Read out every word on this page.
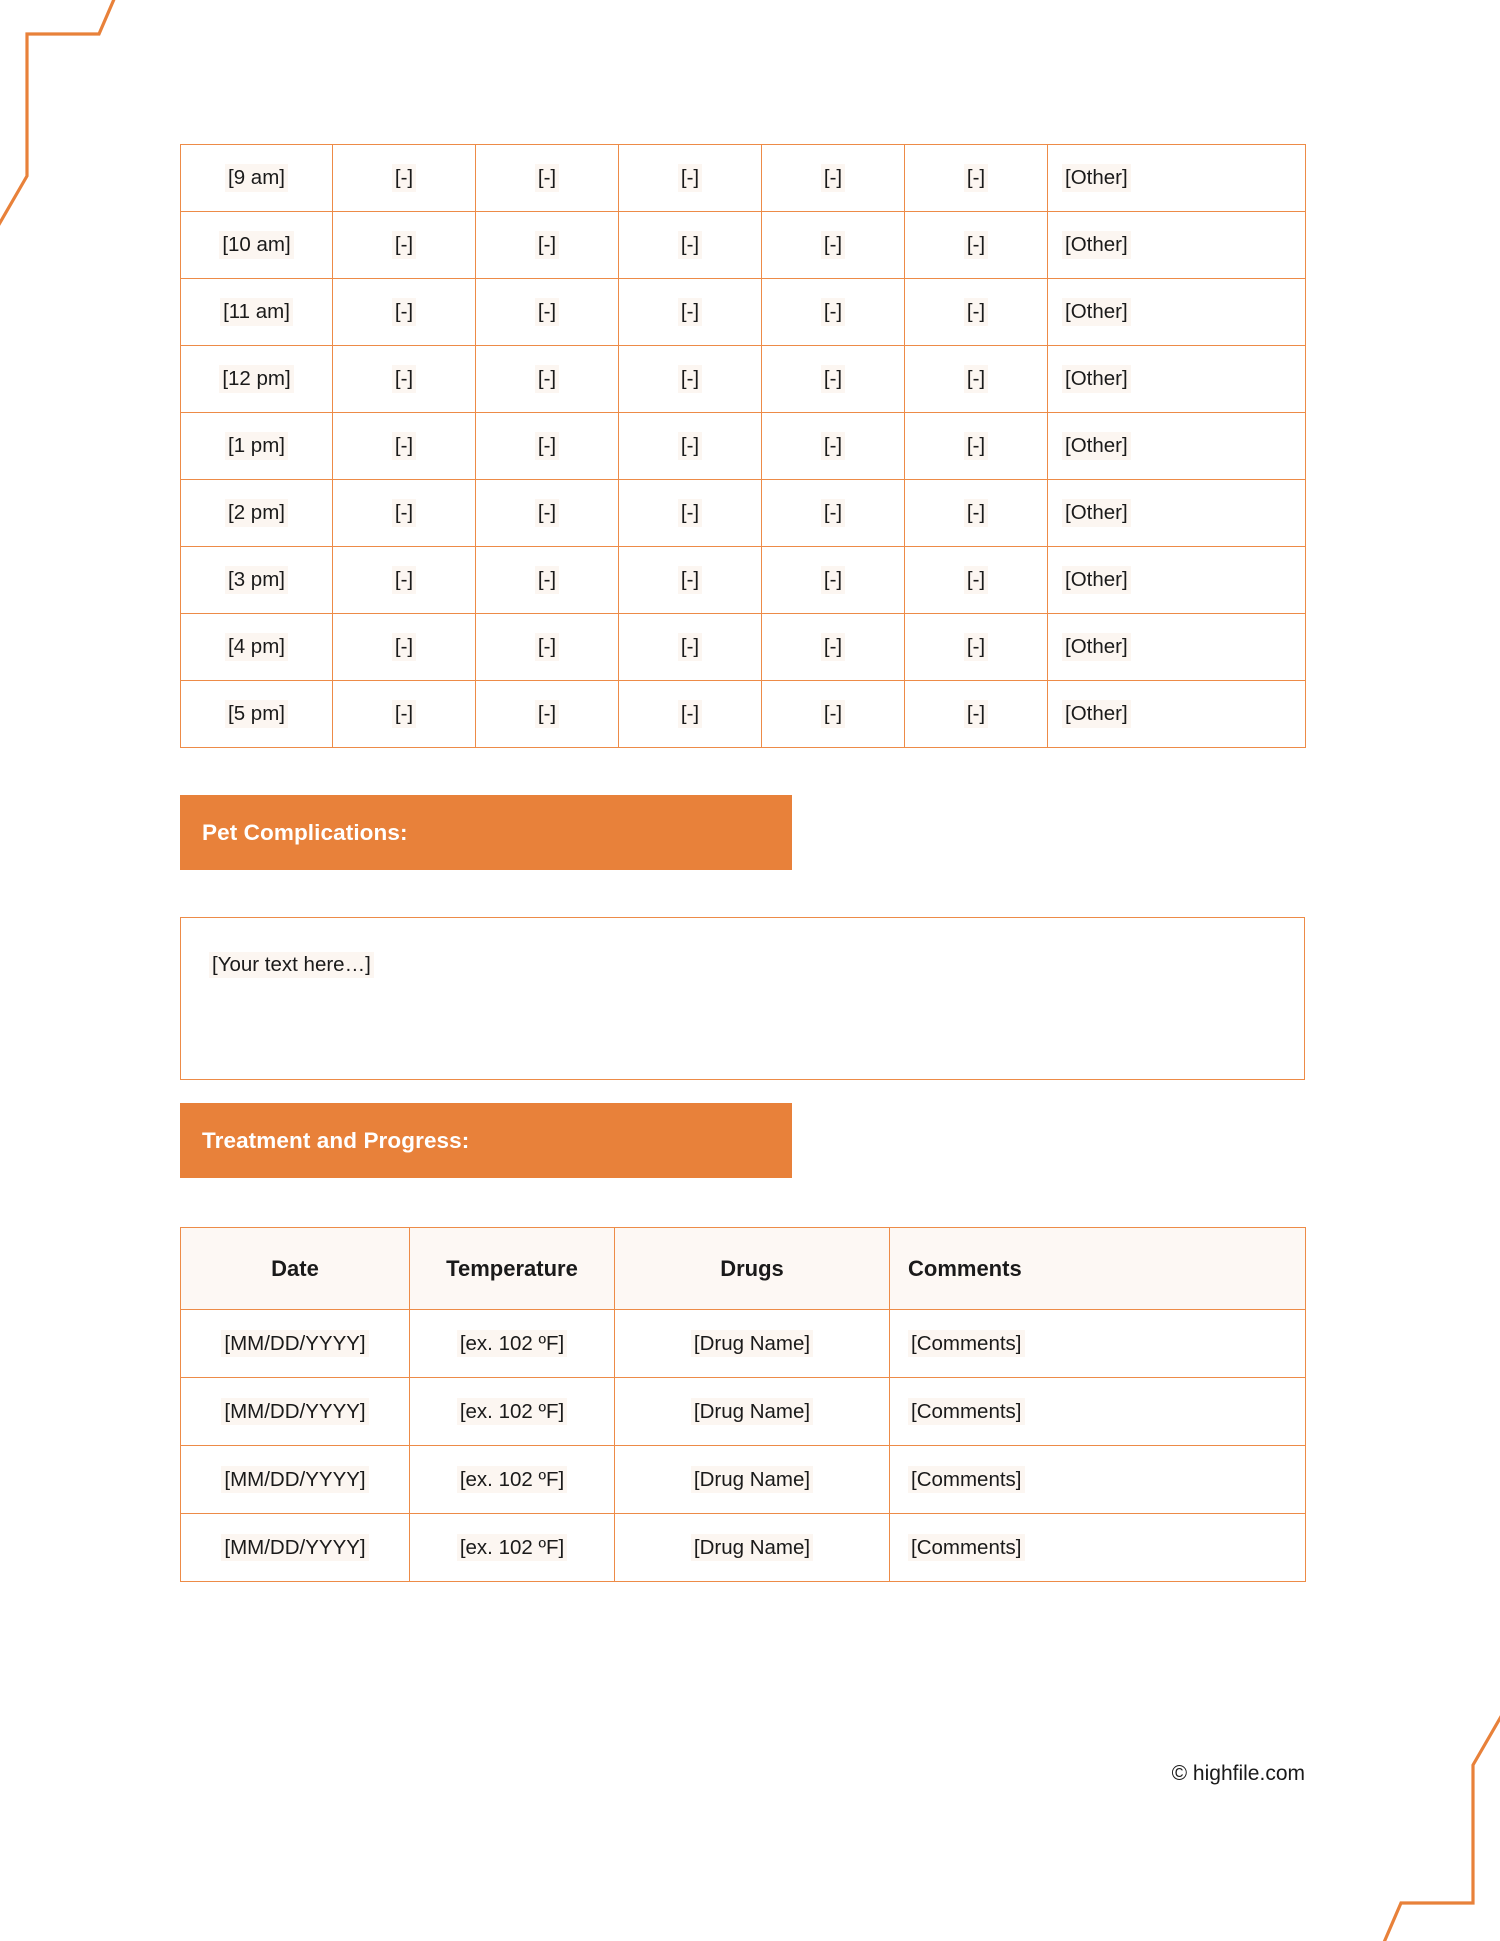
[9 am]	[-]	[-]	[-]	[-]	[-]	[Other]
[10 am]	[-]	[-]	[-]	[-]	[-]	[Other]
[11 am]	[-]	[-]	[-]	[-]	[-]	[Other]
[12 pm]	[-]	[-]	[-]	[-]	[-]	[Other]
[1 pm]	[-]	[-]	[-]	[-]	[-]	[Other]
[2 pm]	[-]	[-]	[-]	[-]	[-]	[Other]
[3 pm]	[-]	[-]	[-]	[-]	[-]	[Other]
[4 pm]	[-]	[-]	[-]	[-]	[-]	[Other]
[5 pm]	[-]	[-]	[-]	[-]	[-]	[Other]
Pet Complications:
[Your text here…]
Treatment and Progress:
Date	Temperature	Drugs	Comments
[MM/DD/YYYY]	[ex. 102 ºF]	[Drug Name]	[Comments]
[MM/DD/YYYY]	[ex. 102 ºF]	[Drug Name]	[Comments]
[MM/DD/YYYY]	[ex. 102 ºF]	[Drug Name]	[Comments]
[MM/DD/YYYY]	[ex. 102 ºF]	[Drug Name]	[Comments]
© highfile.com
